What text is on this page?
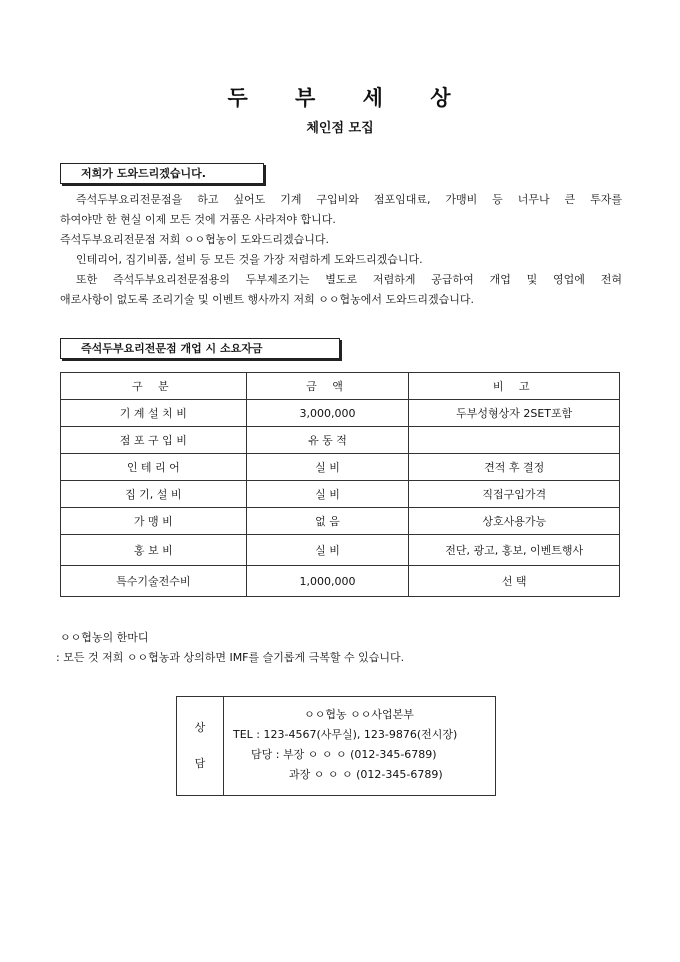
두 부 세 상
체인점 모집
저희가 도와드리겠습니다.

즉석두부요리전문점을 하고 싶어도 기계 구입비와 점포임대료, 가맹비 등 너무나 큰 투자를

하여야만 한 현실 이제 모든 것에 거품은 사라져야 합니다.

즉석두부요리전문점 저희 ㅇㅇ협농이 도와드리겠습니다.

인테리어, 집기비품, 설비 등 모든 것을 가장 저렴하게 도와드리겠습니다.

또한 즉석두부요리전문점용의 두부제조기는 별도로 저렴하게 공급하여 개업 및 영업에 전혀

애로사항이 없도록 조리기술 및 이벤트 행사까지 저희 ㅇㅇ협농에서 도와드리겠습니다.

즉석두부요리전문점 개업 시 소요자금
구 분	금 액	비 고
기 계 설 치 비	3,000,000	두부성형상자 2SET포함
점 포 구 입 비	유 동 적	
인 테 리 어	실 비	견적 후 결정
집 기, 설 비	실 비	직접구입가격
가 맹 비	없 음	상호사용가능
홍 보 비	실 비	전단, 광고, 홍보, 이벤트행사
특수기술전수비	1,000,000	선 택
ㅇㅇ협농의 한마디
: 모든 것 저희 ㅇㅇ협농과 상의하면 IMF를 슬기롭게 극복할 수 있습니다.
상
담
ㅇㅇ협농 ㅇㅇ사업본부
TEL : 123-4567(사무실), 123-9876(전시장)
담당 : 부장 ㅇ ㅇ ㅇ (012-345-6789)
과장 ㅇ ㅇ ㅇ (012-345-6789)
